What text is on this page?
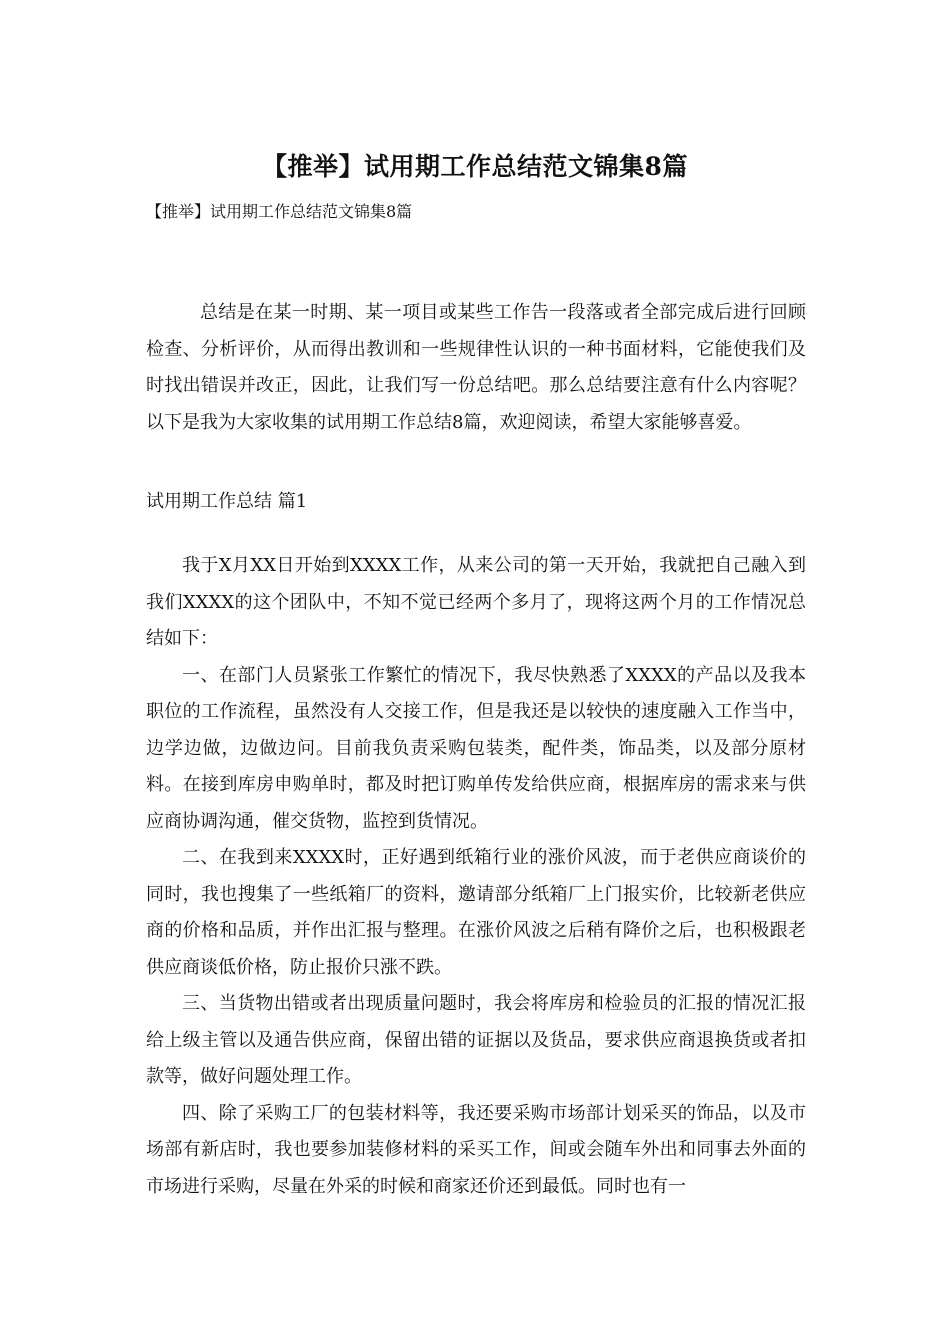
【推举】试用期工作总结范文锦集8篇
【推举】试用期工作总结范文锦集8篇

总结是在某一时期、某一项目或某些工作告一段落或者全部完成后进行回顾检查、分析评价，从而得出教训和一些规律性认识的一种书面材料，它能使我们及时找出错误并改正，因此，让我们写一份总结吧。那么总结要注意有什么内容呢？以下是我为大家收集的试用期工作总结8篇，欢迎阅读，希望大家能够喜爱。

试用期工作总结 篇1

我于X月XX日开始到XXXX工作，从来公司的第一天开始，我就把自己融入到我们XXXX的这个团队中，不知不觉已经两个多月了，现将这两个月的工作情况总结如下：

一、在部门人员紧张工作繁忙的情况下，我尽快熟悉了XXXX的产品以及我本职位的工作流程，虽然没有人交接工作，但是我还是以较快的速度融入工作当中，边学边做，边做边问。目前我负责采购包装类，配件类，饰品类，以及部分原材料。在接到库房申购单时，都及时把订购单传发给供应商，根据库房的需求来与供应商协调沟通，催交货物，监控到货情况。

二、在我到来XXXX时，正好遇到纸箱行业的涨价风波，而于老供应商谈价的同时，我也搜集了一些纸箱厂的资料，邀请部分纸箱厂上门报实价，比较新老供应商的价格和品质，并作出汇报与整理。在涨价风波之后稍有降价之后，也积极跟老供应商谈低价格，防止报价只涨不跌。

三、当货物出错或者出现质量问题时，我会将库房和检验员的汇报的情况汇报给上级主管以及通告供应商，保留出错的证据以及货品，要求供应商退换货或者扣款等，做好问题处理工作。

四、除了采购工厂的包装材料等，我还要采购市场部计划采买的饰品，以及市场部有新店时，我也要参加装修材料的采买工作，间或会随车外出和同事去外面的市场进行采购，尽量在外采的时候和商家还价还到最低。同时也有一
